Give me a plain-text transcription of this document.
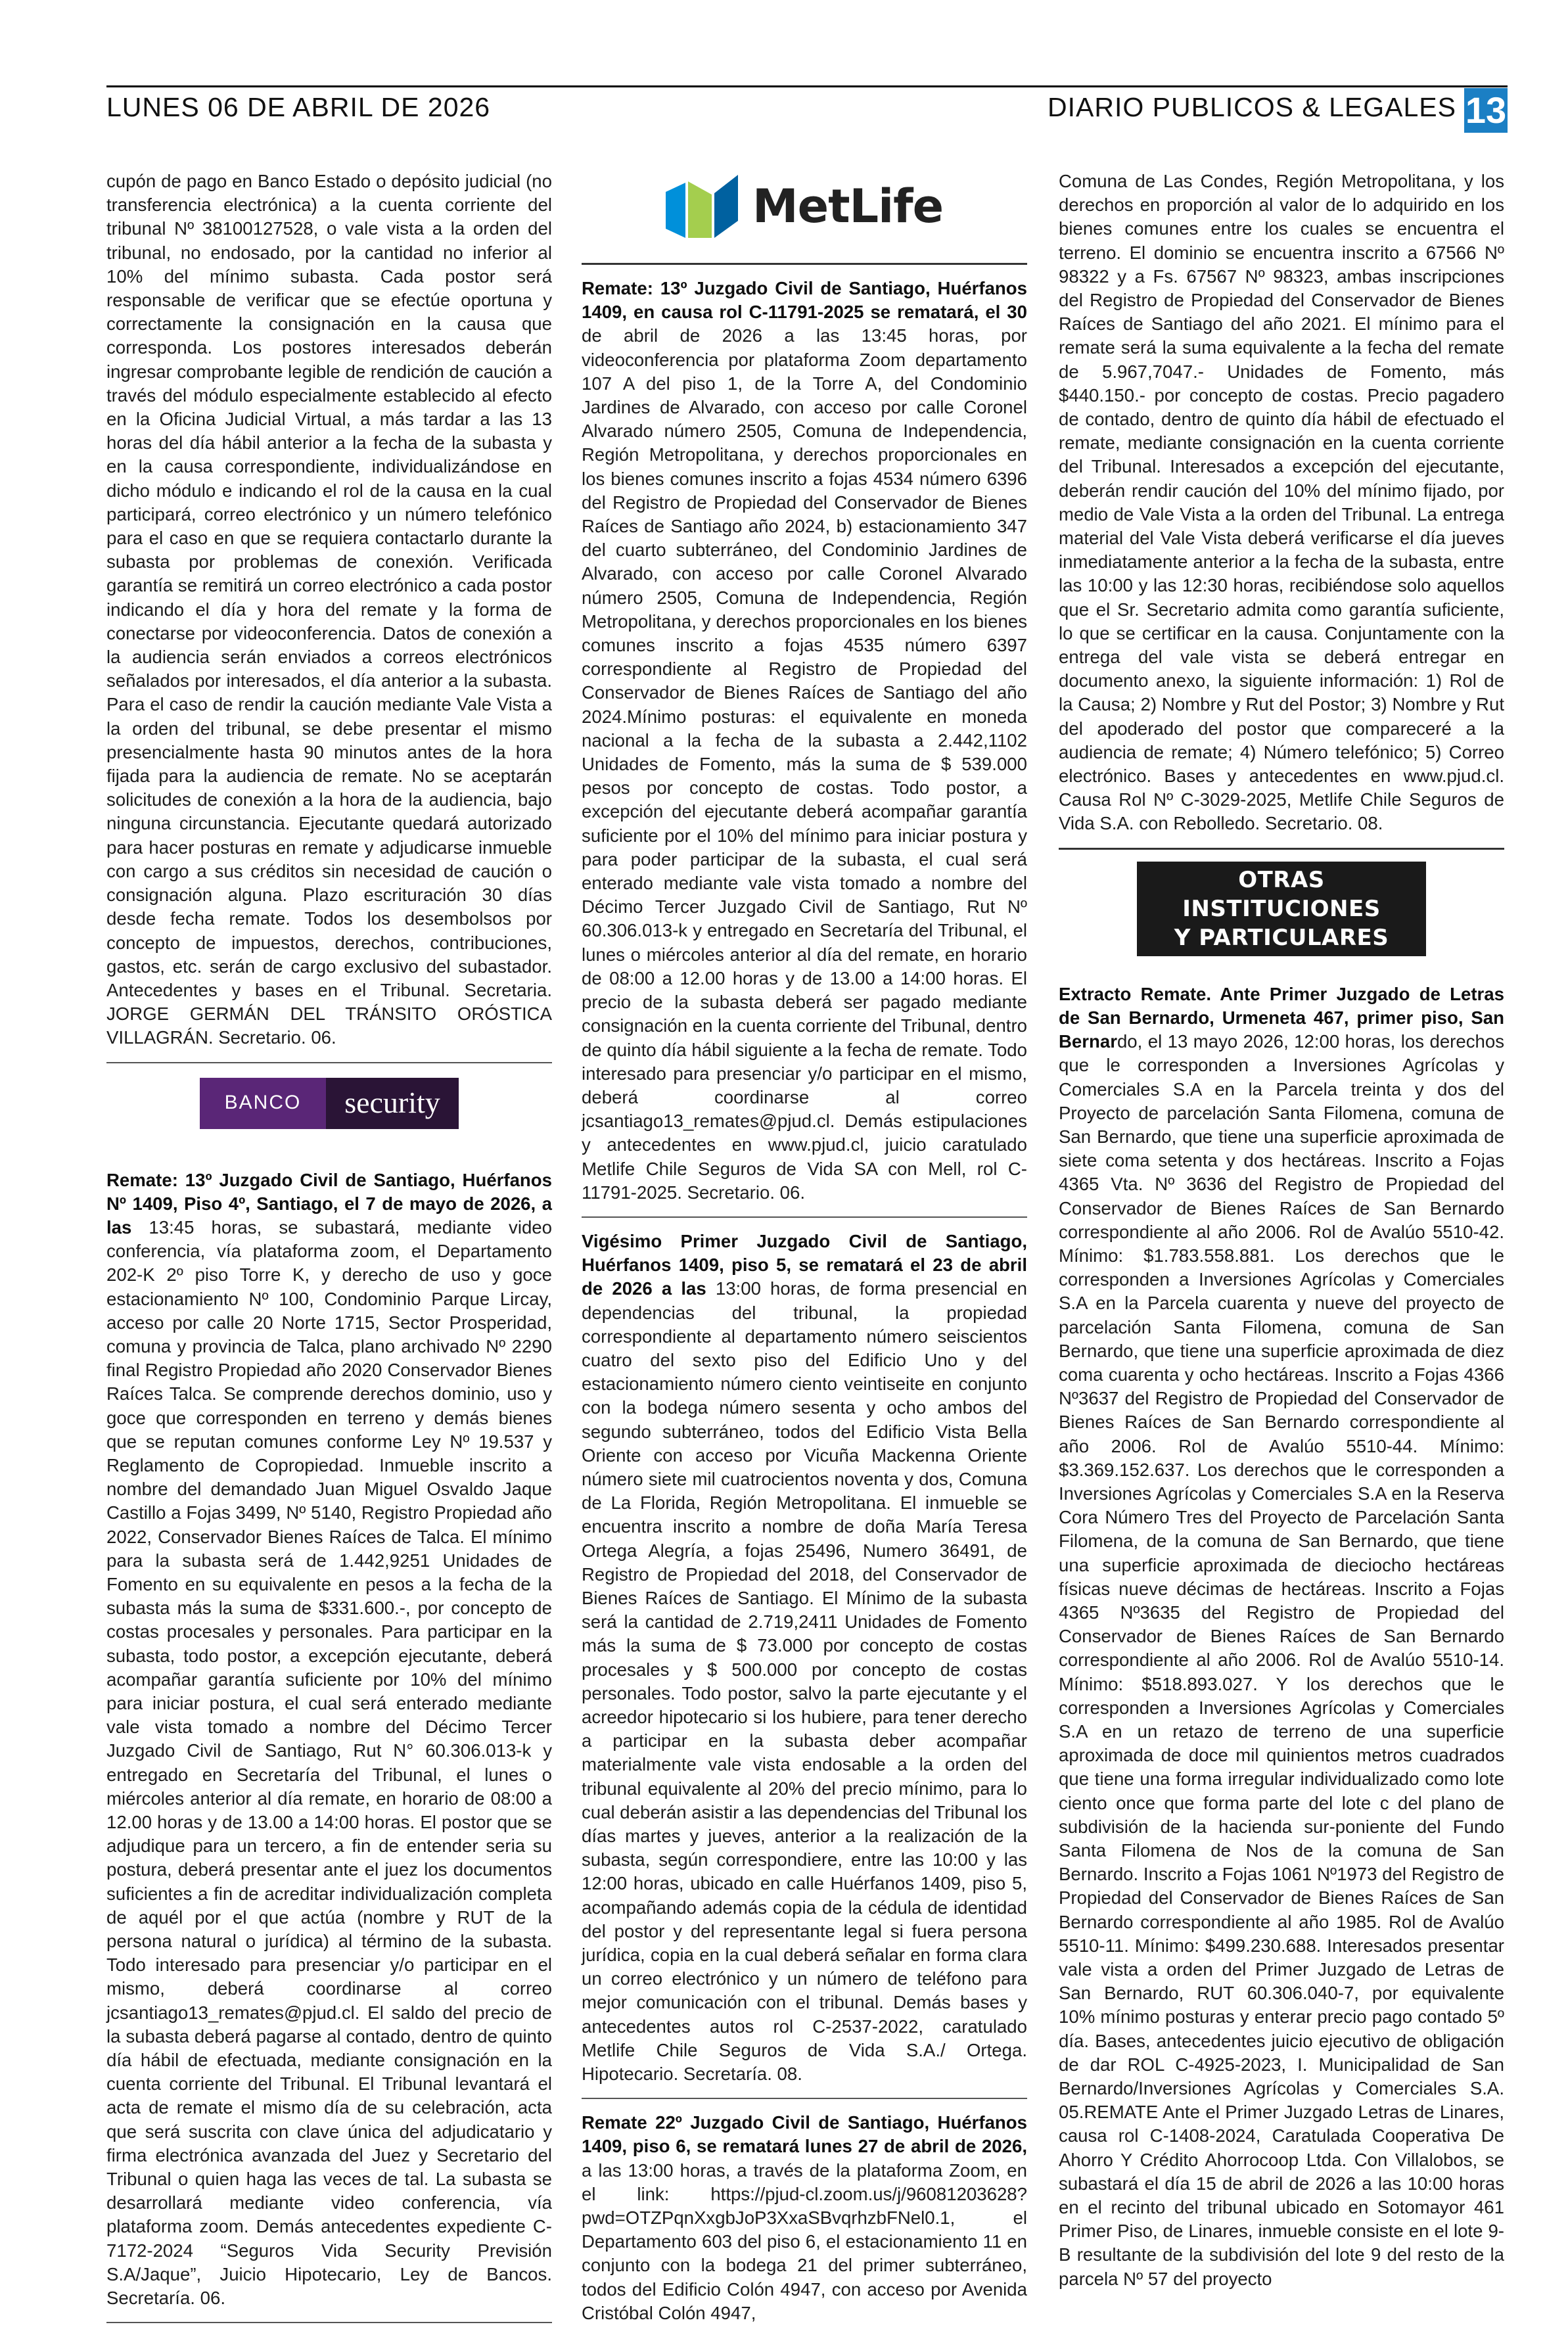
LUNES 06 DE ABRIL DE 2026	DIARIO PUBLICOS & LEGALES 13

cupón de pago en Banco Estado o depósito judicial (no transferencia electrónica) a la cuenta corriente del tribunal Nº 38100127528, o vale vista a la orden del tribunal, no endosado, por la cantidad no inferior al 10% del mínimo subasta. Cada postor será responsable de verificar que se efectúe oportuna y correctamente la consignación en la causa que corresponda. Los postores interesados deberán ingresar comprobante legible de rendición de caución a través del módulo especialmente establecido al efecto en la Oficina Judicial Virtual, a más tardar a las 13 horas del día hábil anterior a la fecha de la subasta y en la causa correspondiente, individualizándose en dicho módulo e indicando el rol de la causa en la cual participará, correo electrónico y un número telefónico para el caso en que se requiera contactarlo durante la subasta por problemas de conexión. Verificada garantía se remitirá un correo electrónico a cada postor indicando el día y hora del remate y la forma de conectarse por videoconferencia. Datos de conexión a la audiencia serán enviados a correos electrónicos señalados por interesados, el día anterior a la subasta. Para el caso de rendir la caución mediante Vale Vista a la orden del tribunal, se debe presentar el mismo presencialmente hasta 90 minutos antes de la hora fijada para la audiencia de remate. No se aceptarán solicitudes de conexión a la hora de la audiencia, bajo ninguna circunstancia. Ejecutante quedará autorizado para hacer posturas en remate y adjudicarse inmueble con cargo a sus créditos sin necesidad de caución o consignación alguna. Plazo escrituración 30 días desde fecha remate. Todos los desembolsos por concepto de impuestos, derechos, contribuciones, gastos, etc. serán de cargo exclusivo del subastador. Antecedentes y bases en el Tribunal. Secretaria. JORGE GERMÁN DEL TRÁNSITO ORÓSTICA VILLAGRÁN. Secretario. 06.

BANCO	security

Remate: 13º Juzgado Civil de Santiago, Huérfanos Nº 1409, Piso 4º, Santiago, el 7 de mayo de 2026, a las 13:45 horas, se subastará, mediante video conferencia, vía plataforma zoom, el Departamento 202-K 2º piso Torre K, y derecho de uso y goce estacionamiento Nº 100, Condominio Parque Lircay, acceso por calle 20 Norte 1715, Sector Prosperidad, comuna y provincia de Talca, plano archivado Nº 2290 final Registro Propiedad año 2020 Conservador Bienes Raíces Talca. Se comprende derechos dominio, uso y goce que corresponden en terreno y demás bienes que se reputan comunes conforme Ley Nº 19.537 y Reglamento de Copropiedad. Inmueble inscrito a nombre del demandado Juan Miguel Osvaldo Jaque Castillo a Fojas 3499, Nº 5140, Registro Propiedad año 2022, Conservador Bienes Raíces de Talca. El mínimo para la subasta será de 1.442,9251 Unidades de Fomento en su equivalente en pesos a la fecha de la subasta más la suma de $331.600.-, por concepto de costas procesales y personales. Para participar en la subasta, todo postor, a excepción ejecutante, deberá acompañar garantía suficiente por 10% del mínimo para iniciar postura, el cual será enterado mediante vale vista tomado a nombre del Décimo Tercer Juzgado Civil de Santiago, Rut N° 60.306.013-k y entregado en Secretaría del Tribunal, el lunes o miércoles anterior al día remate, en horario de 08:00 a 12.00 horas y de 13.00 a 14:00 horas. El postor que se adjudique para un tercero, a fin de entender seria su postura, deberá presentar ante el juez los documentos suficientes a fin de acreditar individualización completa de aquél por el que actúa (nombre y RUT de la persona natural o jurídica) al término de la subasta. Todo interesado para presenciar y/o participar en el mismo, deberá coordinarse al correo jcsantiago13_remates@pjud.cl. El saldo del precio de la subasta deberá pagarse al contado, dentro de quinto día hábil de efectuada, mediante consignación en la cuenta corriente del Tribunal. El Tribunal levantará el acta de remate el mismo día de su celebración, acta que será suscrita con clave única del adjudicatario y firma electrónica avanzada del Juez y Secretario del Tribunal o quien haga las veces de tal. La subasta se desarrollará mediante video conferencia, vía plataforma zoom. Demás antecedentes expediente C-7172-2024 “Seguros Vida Security Previsión S.A/Jaque”, Juicio Hipotecario, Ley de Bancos. Secretaría. 06.

MetLife

Remate: 13º Juzgado Civil de Santiago, Huérfanos 1409, en causa rol C-11791-2025 se rematará, el 30 de abril de 2026 a las 13:45 horas, por videoconferencia por plataforma Zoom departamento 107 A del piso 1, de la Torre A, del Condominio Jardines de Alvarado, con acceso por calle Coronel Alvarado número 2505, Comuna de Independencia, Región Metropolitana, y derechos proporcionales en los bienes comunes inscrito a fojas 4534 número 6396 del Registro de Propiedad del Conservador de Bienes Raíces de Santiago año 2024, b) estacionamiento 347 del cuarto subterráneo, del Condominio Jardines de Alvarado, con acceso por calle Coronel Alvarado número 2505, Comuna de Independencia, Región Metropolitana, y derechos proporcionales en los bienes comunes inscrito a fojas 4535 número 6397 correspondiente al Registro de Propiedad del Conservador de Bienes Raíces de Santiago del año 2024.Mínimo posturas: el equivalente en moneda nacional a la fecha de la subasta a 2.442,1102 Unidades de Fomento, más la suma de $ 539.000 pesos por concepto de costas. Todo postor, a excepción del ejecutante deberá acompañar garantía suficiente por el 10% del mínimo para iniciar postura y para poder participar de la subasta, el cual será enterado mediante vale vista tomado a nombre del Décimo Tercer Juzgado Civil de Santiago, Rut Nº 60.306.013-k y entregado en Secretaría del Tribunal, el lunes o miércoles anterior al día del remate, en horario de 08:00 a 12.00 horas y de 13.00 a 14:00 horas. El precio de la subasta deberá ser pagado mediante consignación en la cuenta corriente del Tribunal, dentro de quinto día hábil siguiente a la fecha de remate. Todo interesado para presenciar y/o participar en el mismo, deberá coordinarse al correo jcsantiago13_remates@pjud.cl. Demás estipulaciones y antecedentes en www.pjud.cl, juicio caratulado Metlife Chile Seguros de Vida SA con Mell, rol C-11791-2025. Secretario. 06.

Vigésimo Primer Juzgado Civil de Santiago, Huérfanos 1409, piso 5, se rematará el 23 de abril de 2026 a las 13:00 horas, de forma presencial en dependencias del tribunal, la propiedad correspondiente al departamento número seiscientos cuatro del sexto piso del Edificio Uno y del estacionamiento número ciento veintiseite en conjunto con la bodega número sesenta y ocho ambos del segundo subterráneo, todos del Edificio Vista Bella Oriente con acceso por Vicuña Mackenna Oriente número siete mil cuatrocientos noventa y dos, Comuna de La Florida, Región Metropolitana. El inmueble se encuentra inscrito a nombre de doña María Teresa Ortega Alegría, a fojas 25496, Numero 36491, de Registro de Propiedad del 2018, del Conservador de Bienes Raíces de Santiago. El Mínimo de la subasta será la cantidad de 2.719,2411 Unidades de Fomento más la suma de $ 73.000 por concepto de costas procesales y $ 500.000 por concepto de costas personales. Todo postor, salvo la parte ejecutante y el acreedor hipotecario si los hubiere, para tener derecho a participar en la subasta deber acompañar materialmente vale vista endosable a la orden del tribunal equivalente al 20% del precio mínimo, para lo cual deberán asistir a las dependencias del Tribunal los días martes y jueves, anterior a la realización de la subasta, según correspondiere, entre las 10:00 y las 12:00 horas, ubicado en calle Huérfanos 1409, piso 5, acompañando además copia de la cédula de identidad del postor y del representante legal si fuera persona jurídica, copia en la cual deberá señalar en forma clara un correo electrónico y un número de teléfono para mejor comunicación con el tribunal. Demás bases y antecedentes autos rol C-2537-2022, caratulado Metlife Chile Seguros de Vida S.A./ Ortega. Hipotecario. Secretaría. 08.

Remate 22º Juzgado Civil de Santiago, Huérfanos 1409, piso 6, se rematará lunes 27 de abril de 2026, a las 13:00 horas, a través de la plataforma Zoom, en el link: https://pjud-cl.zoom.us/j/96081203628?pwd=OTZPqnXxgbJoP3XxaSBvqrhzbFNel0.1, el Departamento 603 del piso 6, el estacionamiento 11 en conjunto con la bodega 21 del primer subterráneo, todos del Edificio Colón 4947, con acceso por Avenida Cristóbal Colón 4947,

Comuna de Las Condes, Región Metropolitana, y los derechos en proporción al valor de lo adquirido en los bienes comunes entre los cuales se encuentra el terreno. El dominio se encuentra inscrito a 67566 Nº 98322 y a Fs. 67567 Nº 98323, ambas inscripciones del Registro de Propiedad del Conservador de Bienes Raíces de Santiago del año 2021. El mínimo para el remate será la suma equivalente a la fecha del remate de 5.967,7047.- Unidades de Fomento, más $440.150.- por concepto de costas. Precio pagadero de contado, dentro de quinto día hábil de efectuado el remate, mediante consignación en la cuenta corriente del Tribunal. Interesados a excepción del ejecutante, deberán rendir caución del 10% del mínimo fijado, por medio de Vale Vista a la orden del Tribunal. La entrega material del Vale Vista deberá verificarse el día jueves inmediatamente anterior a la fecha de la subasta, entre las 10:00 y las 12:30 horas, recibiéndose solo aquellos que el Sr. Secretario admita como garantía suficiente, lo que se certificar en la causa. Conjuntamente con la entrega del vale vista se deberá entregar en documento anexo, la siguiente información: 1) Rol de la Causa; 2) Nombre y Rut del Postor; 3) Nombre y Rut del apoderado del postor que compareceré a la audiencia de remate; 4) Número telefónico; 5) Correo electrónico. Bases y antecedentes en www.pjud.cl. Causa Rol Nº C-3029-2025, Metlife Chile Seguros de Vida S.A. con Rebolledo. Secretario. 08.

OTRAS INSTITUCIONES
Y PARTICULARES

Extracto Remate. Ante Primer Juzgado de Letras de San Bernardo, Urmeneta 467, primer piso, San Bernardo, el 13 mayo 2026, 12:00 horas, los derechos que le corresponden a Inversiones Agrícolas y Comerciales S.A en la Parcela treinta y dos del Proyecto de parcelación Santa Filomena, comuna de San Bernardo, que tiene una superficie aproximada de siete coma setenta y dos hectáreas. Inscrito a Fojas 4365 Vta. Nº 3636 del Registro de Propiedad del Conservador de Bienes Raíces de San Bernardo correspondiente al año 2006. Rol de Avalúo 5510-42. Mínimo: $1.783.558.881. Los derechos que le corresponden a Inversiones Agrícolas y Comerciales S.A en la Parcela cuarenta y nueve del proyecto de parcelación Santa Filomena, comuna de San Bernardo, que tiene una superficie aproximada de diez coma cuarenta y ocho hectáreas. Inscrito a Fojas 4366 Nº3637 del Registro de Propiedad del Conservador de Bienes Raíces de San Bernardo correspondiente al año 2006. Rol de Avalúo 5510-44. Mínimo: $3.369.152.637. Los derechos que le corresponden a Inversiones Agrícolas y Comerciales S.A en la Reserva Cora Número Tres del Proyecto de Parcelación Santa Filomena, de la comuna de San Bernardo, que tiene una superficie aproximada de dieciocho hectáreas físicas nueve décimas de hectáreas. Inscrito a Fojas 4365 Nº3635 del Registro de Propiedad del Conservador de Bienes Raíces de San Bernardo correspondiente al año 2006. Rol de Avalúo 5510-14. Mínimo: $518.893.027. Y los derechos que le corresponden a Inversiones Agrícolas y Comerciales S.A en un retazo de terreno de una superficie aproximada de doce mil quinientos metros cuadrados que tiene una forma irregular individualizado como lote ciento once que forma parte del lote c del plano de subdivisión de la hacienda sur-poniente del Fundo Santa Filomena de Nos de la comuna de San Bernardo. Inscrito a Fojas 1061 Nº1973 del Registro de Propiedad del Conservador de Bienes Raíces de San Bernardo correspondiente al año 1985. Rol de Avalúo 5510-11. Mínimo: $499.230.688. Interesados presentar vale vista a orden del Primer Juzgado de Letras de San Bernardo, RUT 60.306.040-7, por equivalente 10% mínimo posturas y enterar precio pago contado 5º día. Bases, antecedentes juicio ejecutivo de obligación de dar ROL C-4925-2023, I. Municipalidad de San Bernardo/Inversiones Agrícolas y Comerciales S.A. 05.REMATE Ante el Primer Juzgado Letras de Linares, causa rol C-1408-2024, Caratulada Cooperativa De Ahorro Y Crédito Ahorrocoop Ltda. Con Villalobos, se subastará el día 15 de abril de 2026 a las 10:00 horas en el recinto del tribunal ubicado en Sotomayor 461 Primer Piso, de Linares, inmueble consiste en el lote 9-B resultante de la subdivisión del lote 9 del resto de la parcela Nº 57 del proyecto
